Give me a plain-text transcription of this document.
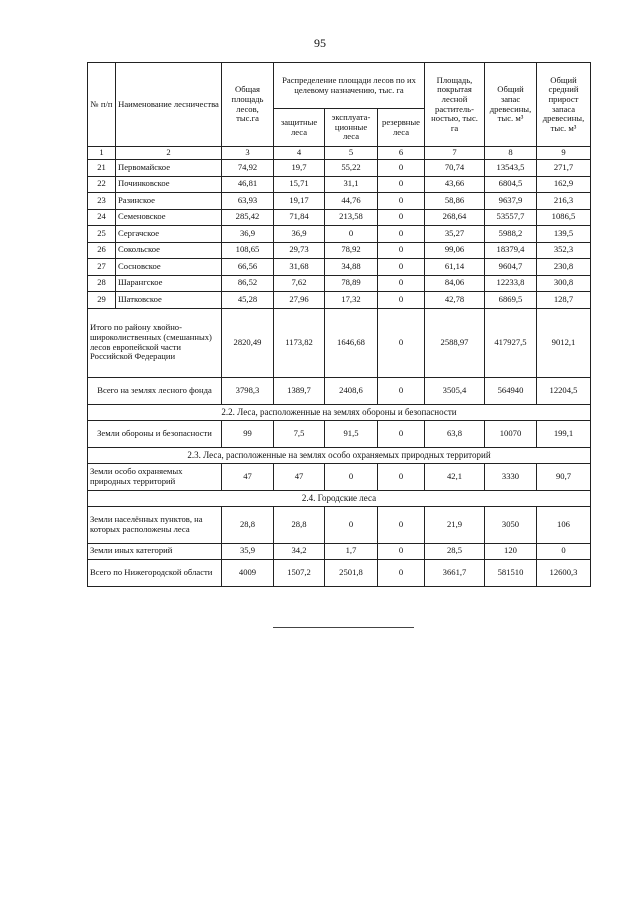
95
№ п/п	Наименование лесничества	Общая площадь лесов, тыс.га	Распределение площади лесов по их целевому назначению, тыс. га			Площадь, покрытая лесной раститель-ностью, тыс. га	Общий запас древесины, тыс. м³	Общий средний прирост запаса древесины, тыс. м³
			защитные леса	эксплуата-ционные леса	резервные леса			
1	2	3	4	5	6	7	8	9
21	Первомайское	74,92	19,7	55,22	0	70,74	13543,5	271,7
22	Починковское	46,81	15,71	31,1	0	43,66	6804,5	162,9
23	Разинское	63,93	19,17	44,76	0	58,86	9637,9	216,3
24	Семеновское	285,42	71,84	213,58	0	268,64	53557,7	1086,5
25	Сергачское	36,9	36,9	0	0	35,27	5988,2	139,5
26	Сокольское	108,65	29,73	78,92	0	99,06	18379,4	352,3
27	Сосновское	66,56	31,68	34,88	0	61,14	9604,7	230,8
28	Шарангское	86,52	7,62	78,89	0	84,06	12233,8	300,8
29	Шатковское	45,28	27,96	17,32	0	42,78	6869,5	128,7
Итого по району хвойно-широколиственных (смешанных) лесов европейской части Российской Федерации		2820,49	1173,82	1646,68	0	2588,97	417927,5	9012,1
Всего на землях лесного фонда		3798,3	1389,7	2408,6	0	3505,4	564940	12204,5
2.2. Леса, расположенные на землях обороны и безопасности								
Земли обороны и безопасности		99	7,5	91,5	0	63,8	10070	199,1
2.3. Леса, расположенные на землях особо охраняемых природных территорий								
Земли особо охраняемых природных территорий		47	47	0	0	42,1	3330	90,7
2.4. Городские леса								
Земли населённых пунктов, на которых расположены леса		28,8	28,8	0	0	21,9	3050	106
Земли иных категорий		35,9	34,2	1,7	0	28,5	120	0
Всего по Нижегородской области		4009	1507,2	2501,8	0	3661,7	581510	12600,3
